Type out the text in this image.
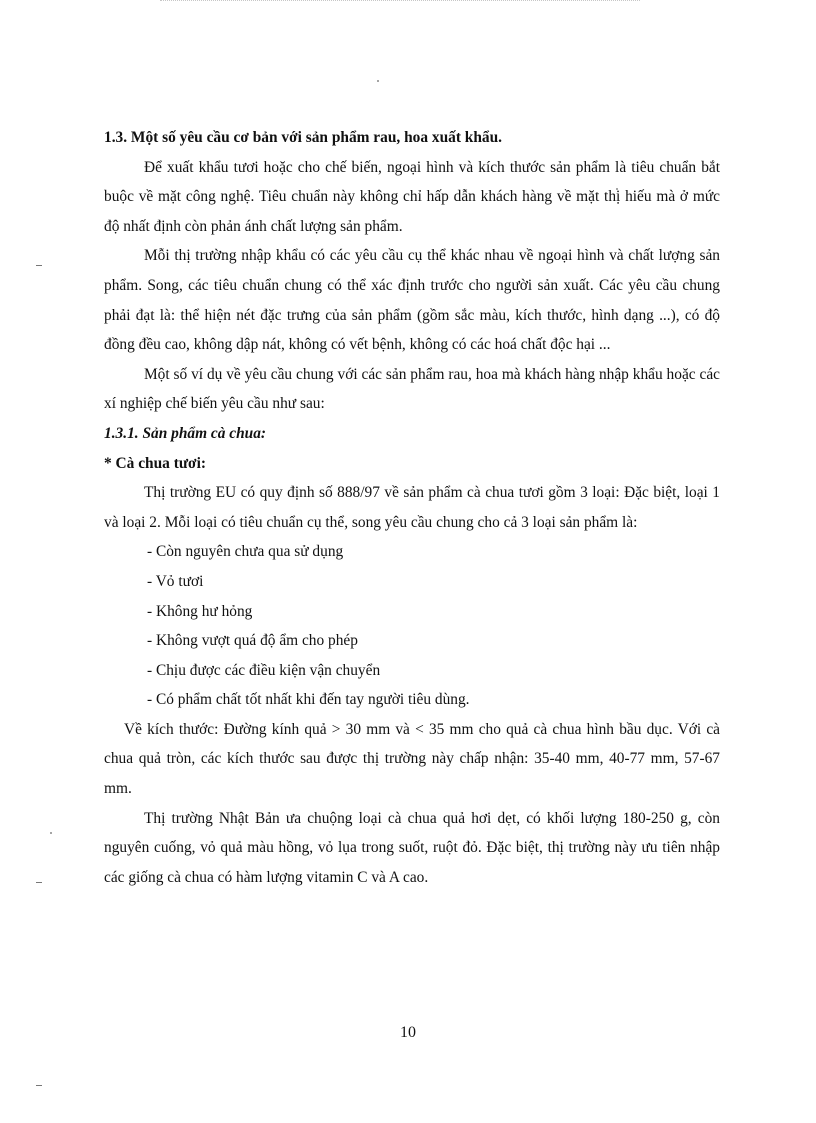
1.3. Một số yêu cầu cơ bản với sản phẩm rau, hoa xuất khẩu.

Để xuất khẩu tươi hoặc cho chế biến, ngoại hình và kích thước sản phẩm là tiêu chuẩn bắt buộc về mặt công nghệ. Tiêu chuẩn này không chỉ hấp dẫn khách hàng về mặt thị hiếu mà ở mức độ nhất định còn phản ánh chất lượng sản phẩm.

Mỗi thị trường nhập khẩu có các yêu cầu cụ thể khác nhau về ngoại hình và chất lượng sản phẩm. Song, các tiêu chuẩn chung có thể xác định trước cho người sản xuất. Các yêu cầu chung phải đạt là: thể hiện nét đặc trưng của sản phẩm (gồm sắc màu, kích thước, hình dạng ...), có độ đồng đều cao, không dập nát, không có vết bệnh, không có các hoá chất độc hại ...

Một số ví dụ về yêu cầu chung với các sản phẩm rau, hoa mà khách hàng nhập khẩu hoặc các xí nghiệp chế biến yêu cầu như sau:

1.3.1. Sản phẩm cà chua:

* Cà chua tươi:

Thị trường EU có quy định số 888/97 về sản phẩm cà chua tươi gồm 3 loại: Đặc biệt, loại 1 và loại 2. Mỗi loại có tiêu chuẩn cụ thể, song yêu cầu chung cho cả 3 loại sản phẩm là:

- Còn nguyên chưa qua sử dụng
- Vỏ tươi
- Không hư hỏng
- Không vượt quá độ ẩm cho phép
- Chịu được các điều kiện vận chuyển
- Có phẩm chất tốt nhất khi đến tay người tiêu dùng.

Về kích thước: Đường kính quả > 30 mm và < 35 mm cho quả cà chua hình bầu dục. Với cà chua quả tròn, các kích thước sau được thị trường này chấp nhận: 35-40 mm, 40-77 mm, 57-67 mm.

Thị trường Nhật Bản ưa chuộng loại cà chua quả hơi dẹt, có khối lượng 180-250 g, còn nguyên cuống, vỏ quả màu hồng, vỏ lụa trong suốt, ruột đỏ. Đặc biệt, thị trường này ưu tiên nhập các giống cà chua có hàm lượng vitamin C và A cao.

10
